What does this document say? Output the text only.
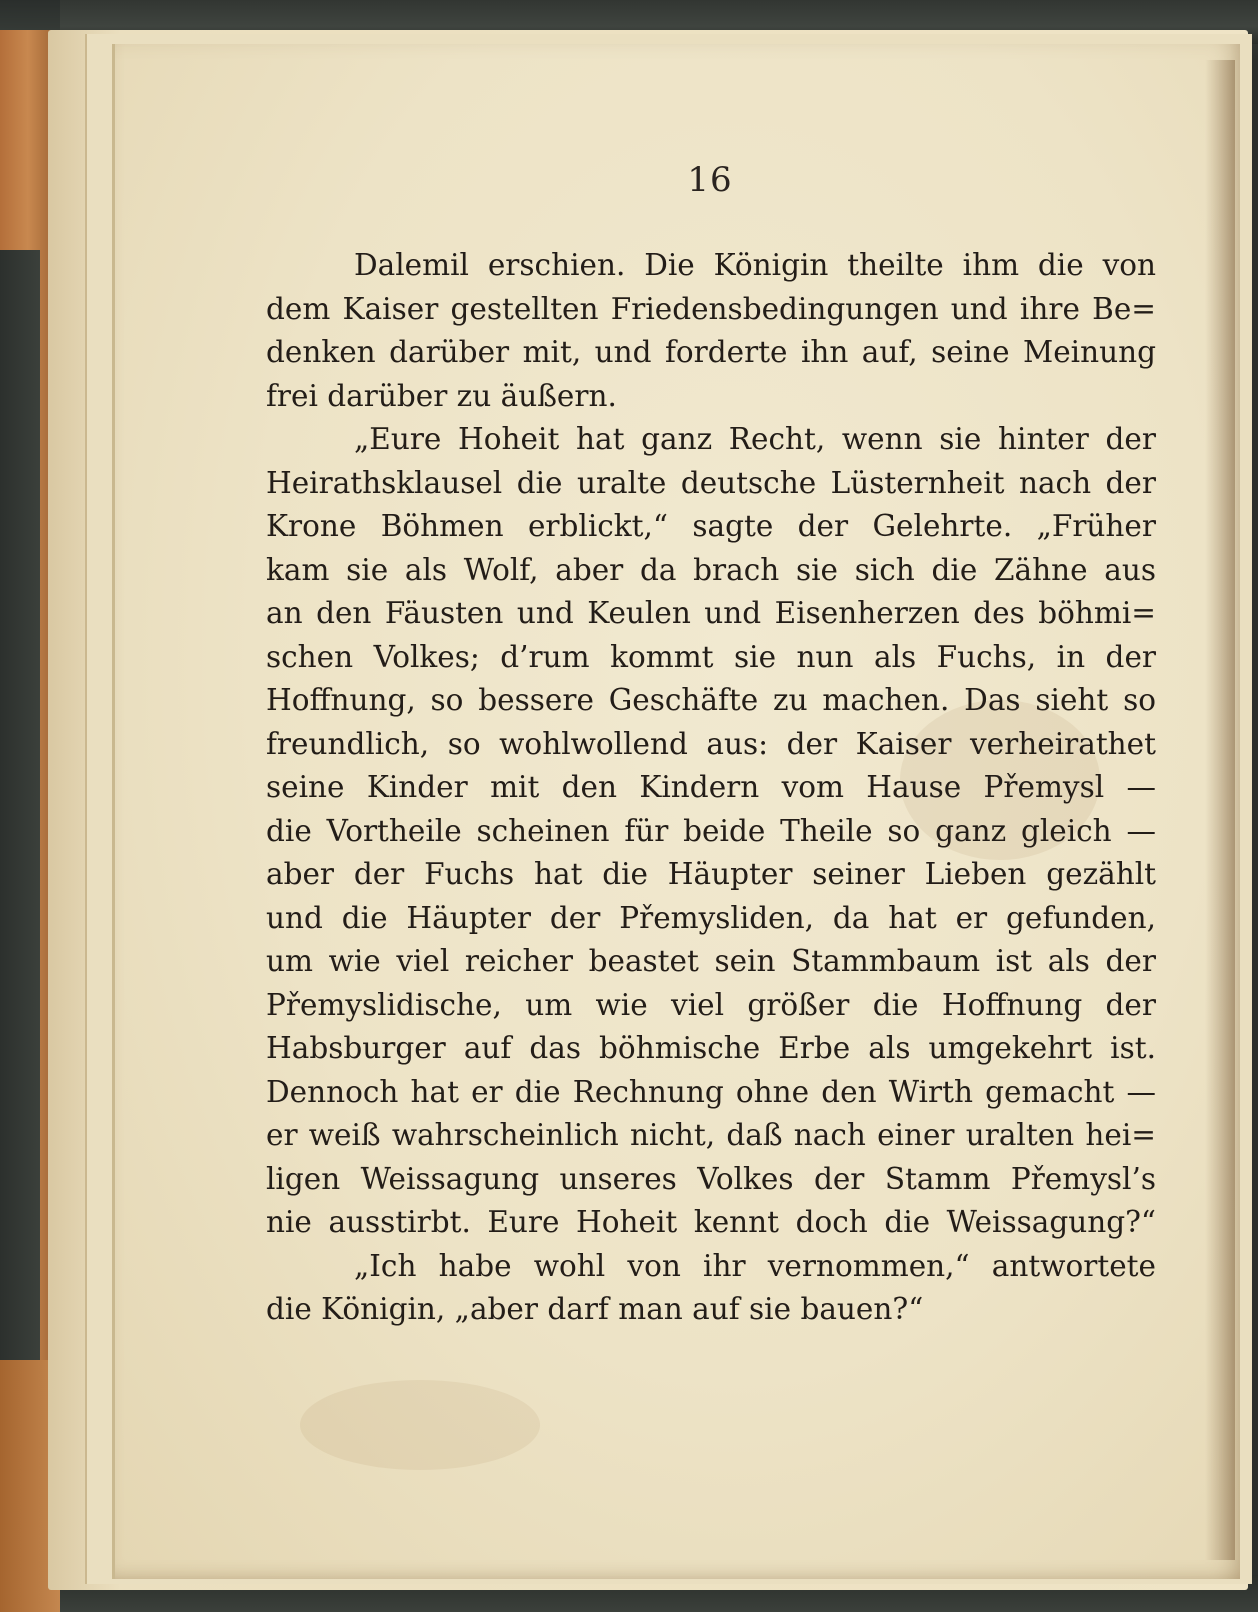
16
Dalemil erschien. Die Königin theilte ihm die von
dem Kaiser gestellten Friedensbedingungen und ihre Be=
denken darüber mit, und forderte ihn auf, seine Meinung
frei darüber zu äußern.
„Eure Hoheit hat ganz Recht, wenn sie hinter der
Heirathsklausel die uralte deutsche Lüsternheit nach der
Krone Böhmen erblickt,“ sagte der Gelehrte. „Früher
kam sie als Wolf, aber da brach sie sich die Zähne aus
an den Fäusten und Keulen und Eisenherzen des böhmi=
schen Volkes; d’rum kommt sie nun als Fuchs, in der
Hoffnung, so bessere Geschäfte zu machen. Das sieht so
freundlich, so wohlwollend aus: der Kaiser verheirathet
seine Kinder mit den Kindern vom Hause Přemysl —
die Vortheile scheinen für beide Theile so ganz gleich —
aber der Fuchs hat die Häupter seiner Lieben gezählt
und die Häupter der Přemysliden, da hat er gefunden,
um wie viel reicher beastet sein Stammbaum ist als der
Přemyslidische, um wie viel größer die Hoffnung der
Habsburger auf das böhmische Erbe als umgekehrt ist.
Dennoch hat er die Rechnung ohne den Wirth gemacht —
er weiß wahrscheinlich nicht, daß nach einer uralten hei=
ligen Weissagung unseres Volkes der Stamm Přemysl’s
nie ausstirbt. Eure Hoheit kennt doch die Weissagung?“
„Ich habe wohl von ihr vernommen,“ antwortete
die Königin, „aber darf man auf sie bauen?“
